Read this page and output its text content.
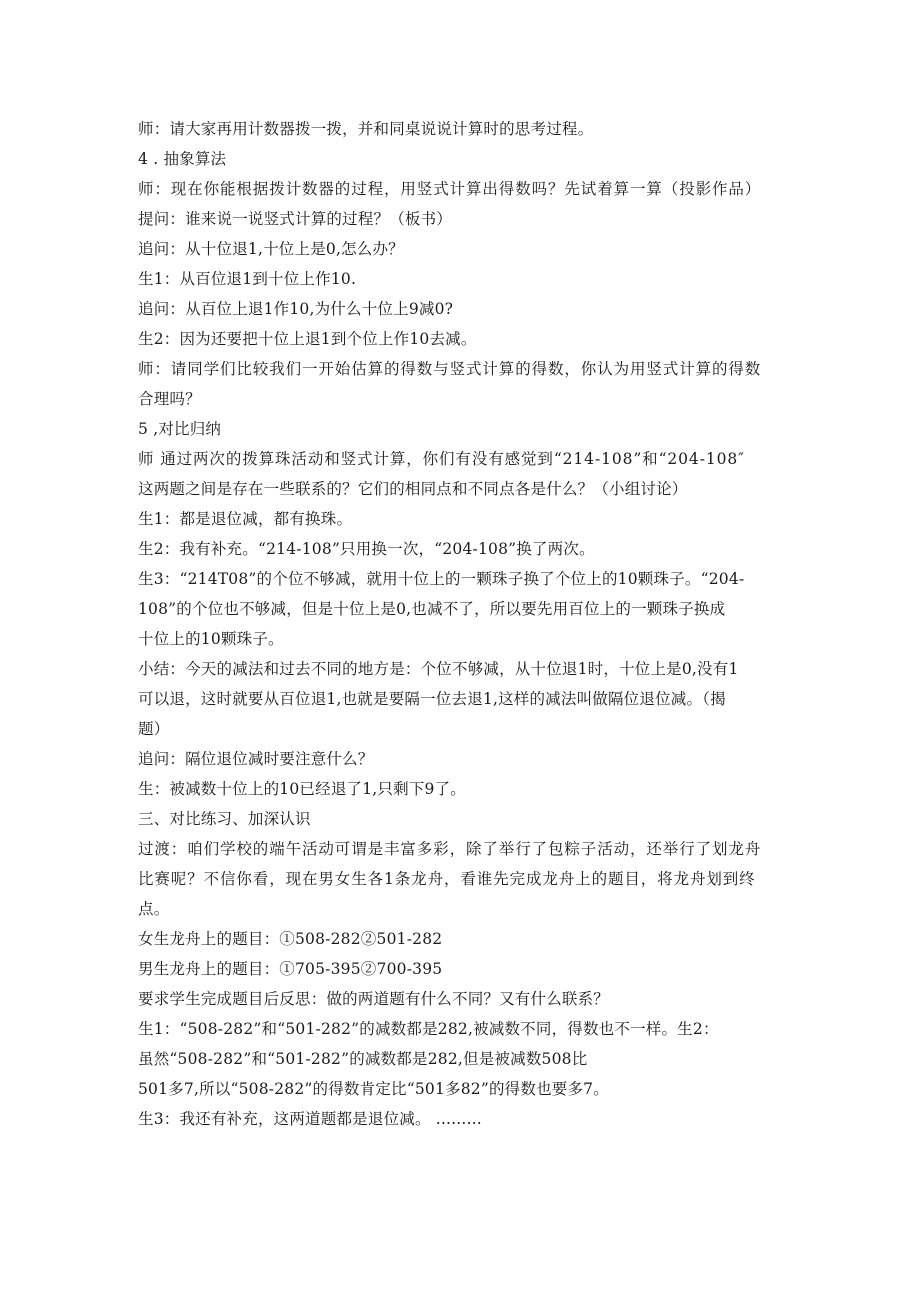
师：请大家再用计数器拨一拨，并和同桌说说计算时的思考过程。
4 . 抽象算法
师：现在你能根据拨计数器的过程，用竖式计算出得数吗？先试着算一算（投影作品）
提问：谁来说一说竖式计算的过程？（板书）
追问：从十位退1,十位上是0,怎么办？
生1：从百位退1到十位上作10.
追问：从百位上退1作10,为什么十位上9减0?
生2：因为还要把十位上退1到个位上作10去减。
师：请同学们比较我们一开始估算的得数与竖式计算的得数，你认为用竖式计算的得数
合理吗？
5 ,对比归纳
师 通过两次的拨算珠活动和竖式计算，你们有没有感觉到“214-108”和“204-108″
这两题之间是存在一些联系的？它们的相同点和不同点各是什么？（小组讨论）
生1：都是退位减，都有换珠。
生2：我有补充。“214-108”只用换一次，“204-108”换了两次。
生3：“214T08”的个位不够减，就用十位上的一颗珠子换了个位上的10颗珠子。“204-
108”的个位也不够减，但是十位上是0,也减不了，所以要先用百位上的一颗珠子换成
十位上的10颗珠子。
小结：今天的减法和过去不同的地方是：个位不够减，从十位退1时，十位上是0,没有1
可以退，这时就要从百位退1,也就是要隔一位去退1,这样的减法叫做隔位退位减。（揭
题）
追问：隔位退位减时要注意什么？
生：被减数十位上的10已经退了1,只剩下9了。
三、对比练习、加深认识
过渡：咱们学校的端午活动可谓是丰富多彩，除了举行了包粽子活动，还举行了划龙舟
比赛呢？不信你看，现在男女生各1条龙舟，看谁先完成龙舟上的题目，将龙舟划到终
点。
女生龙舟上的题目：①508-282②501-282
男生龙舟上的题目：①705-395②700-395
要求学生完成题目后反思：做的两道题有什么不同？又有什么联系？
生1：“508-282”和“501-282”的减数都是282,被减数不同，得数也不一样。生2：
虽然“508-282”和“501-282”的减数都是282,但是被减数508比
501多7,所以“508-282”的得数肯定比“501多82”的得数也要多7。
生3：我还有补充，这两道题都是退位减。 .........
